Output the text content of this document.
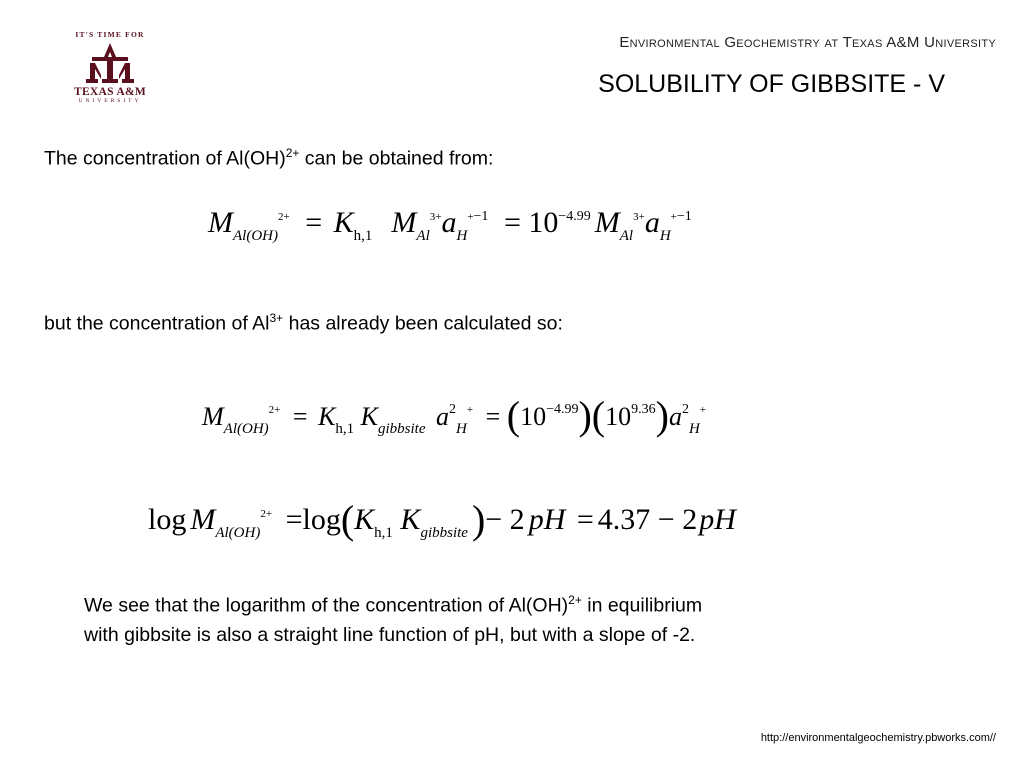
IT'S TIME FOR
TEXAS A&M
UNIVERSITY
Environmental Geochemistry at Texas A&M University
SOLUBILITY OF GIBBSITE - V
The concentration of Al(OH)$^{2+}$ can be obtained from:
$M_{Al(OH)}^{2+} = K_{h,1}$ $M_{Al}^{3+}a_H^{+-1} = 10^{-4.99}$ $M_{Al}^{3+}a_H^{+-1}$
but the concentration of $Al^{3+}$ has already been calculated so:
$M_{Al(OH)}^{2+} = K_{h,1}$ $K_{gibbsite}$ $a^2_H^+ = (10^{-4.99})(10^{9.36})a^2_H^+$
$\log M_{Al(OH)}^{2+} =\log(K_{h,1}$ $K_{gibbsite}$ )− 2 pH = 4.37 − 2pH
We see that the logarithm of the concentration of Al(OH)$^{2+}$ in equilibrium
with gibbsite is also a straight line function of pH, but with a slope of -2.
http://environmentalgeochemistry.pbworks.com//
